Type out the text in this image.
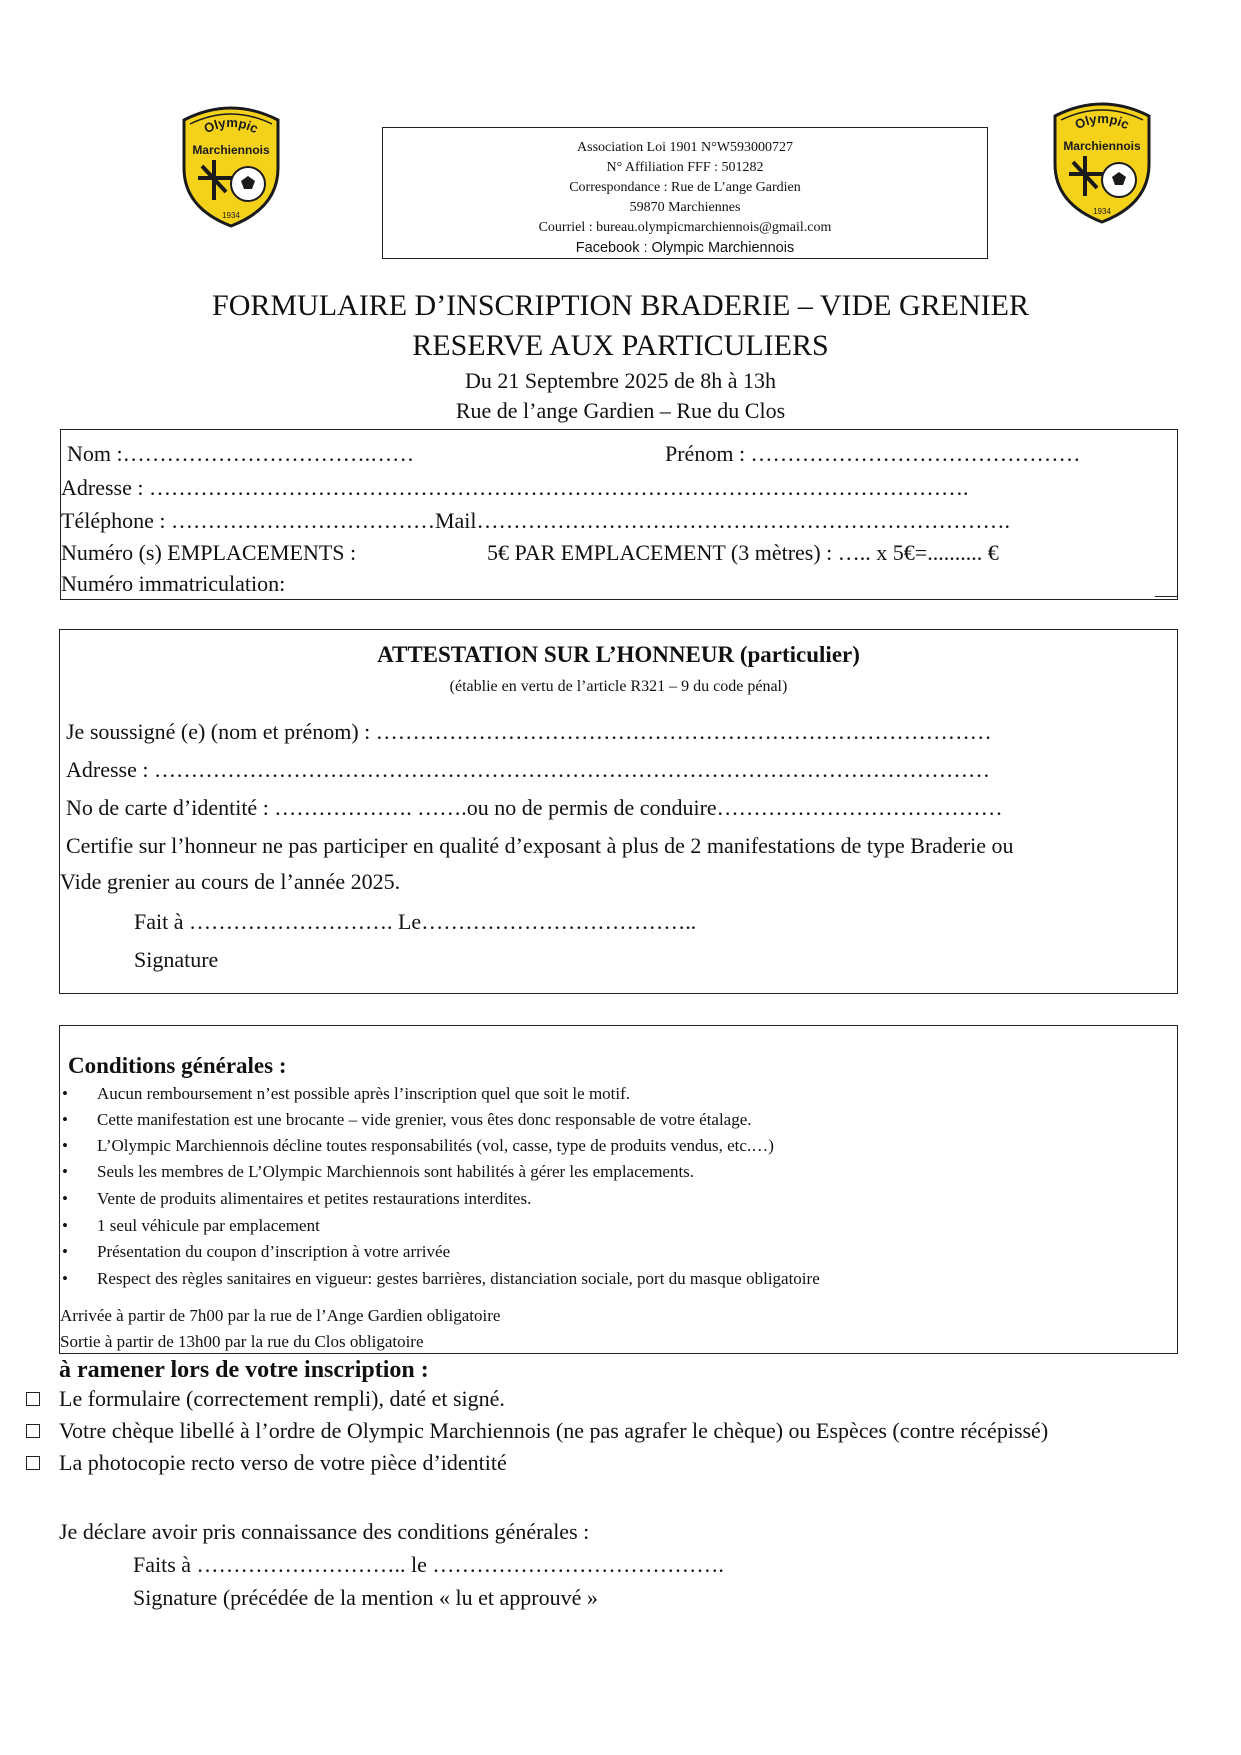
Olympic
Marchiennois
1934
Olympic
Marchiennois
1934
Association Loi 1901 N°W593000727
N° Affiliation FFF : 501282
Correspondance : Rue de L’ange Gardien
59870 Marchiennes
Courriel : bureau.olympicmarchiennois@gmail.com
Facebook : Olympic Marchiennois
FORMULAIRE D’INSCRIPTION BRADERIE – VIDE GRENIER
RESERVE AUX PARTICULIERS
Du 21 Septembre 2025 de 8h à 13h
Rue de l’ange Gardien – Rue du Clos
Nom :…………………………….……	Prénom : ………………………………………
Adresse : ………………………………………………………………………………………………….
Téléphone : ………………………………Mail……………………………………………………………….
Numéro (s) EMPLACEMENTS :	5€ PAR EMPLACEMENT (3 mètres) : ….. x 5€=.......... €
Numéro immatriculation:
ATTESTATION SUR L’HONNEUR (particulier)
(établie en vertu de l’article R321 – 9 du code pénal)
Je soussigné (e) (nom et prénom) : …………………………………………………………………………
Adresse : ……………………………………………………………………………………………………
No de carte d’identité : ………………. …….ou no de permis de conduire…………………………………
Certifie sur l’honneur ne pas participer en qualité d’exposant à plus de 2 manifestations de type Braderie ou
Vide grenier au cours de l’année 2025.
Fait à ………………………. Le………………………………..
Signature
Conditions générales :
• Aucun remboursement n’est possible après l’inscription quel que soit le motif.
• Cette manifestation est une brocante – vide grenier, vous êtes donc responsable de votre étalage.
• L’Olympic Marchiennois décline toutes responsabilités (vol, casse, type de produits vendus, etc.…)
• Seuls les membres de L’Olympic Marchiennois sont habilités à gérer les emplacements.
• Vente de produits alimentaires et petites restaurations interdites.
• 1 seul véhicule par emplacement
• Présentation du coupon d’inscription à votre arrivée
• Respect des règles sanitaires en vigueur: gestes barrières, distanciation sociale, port du masque obligatoire
Arrivée à partir de 7h00 par la rue de l’Ange Gardien obligatoire
Sortie à partir de 13h00 par la rue du Clos obligatoire
à ramener lors de votre inscription :
Le formulaire (correctement rempli), daté et signé.
Votre chèque libellé à l’ordre de Olympic Marchiennois (ne pas agrafer le chèque) ou Espèces (contre récépissé)
La photocopie recto verso de votre pièce d’identité
Je déclare avoir pris connaissance des conditions générales :
Faits à ……………………….. le ………………………………….
Signature (précédée de la mention « lu et approuvé »
